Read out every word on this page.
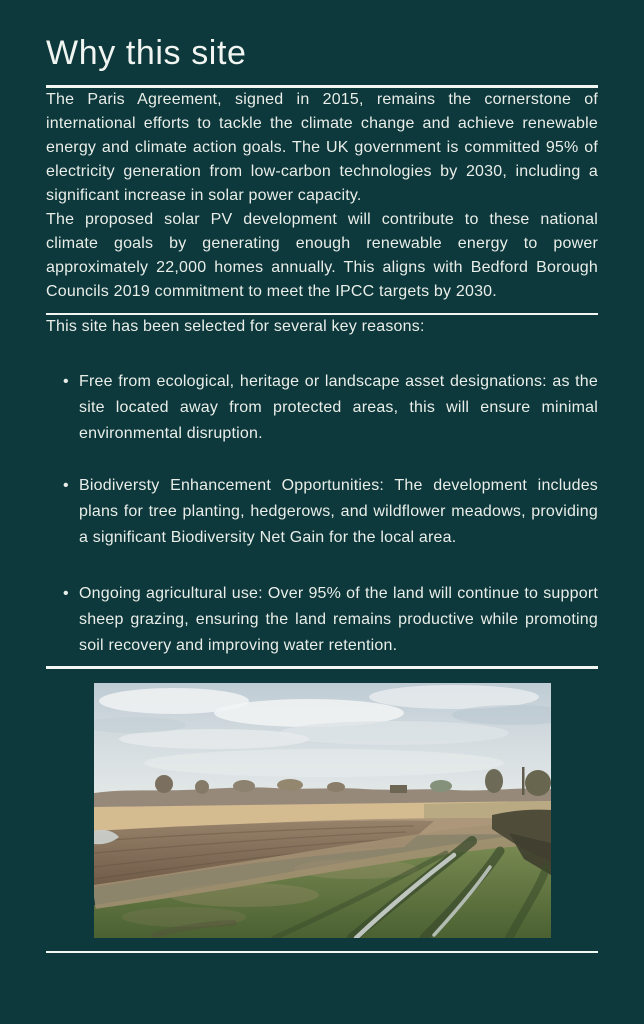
Why this site

The Paris Agreement, signed in 2015, remains the cornerstone of international efforts to tackle the climate change and achieve renewable energy and climate action goals. The UK government is committed 95% of electricity generation from low-carbon technologies by 2030, including a significant increase in solar power capacity.

The proposed solar PV development will contribute to these national climate goals by generating enough renewable energy to power approximately 22,000 homes annually. This aligns with Bedford Borough Councils 2019 commitment to meet the IPCC targets by 2030.

This site has been selected for several key reasons:

• Free from ecological, heritage or landscape asset designations: as the site located away from protected areas, this will ensure minimal environmental disruption.
• Biodiversty Enhancement Opportunities: The development includes plans for tree planting, hedgerows, and wildflower meadows, providing a significant Biodiversity Net Gain for the local area.
• Ongoing agricultural use: Over 95% of the land will continue to support sheep grazing, ensuring the land remains productive while promoting soil recovery and improving water retention.
